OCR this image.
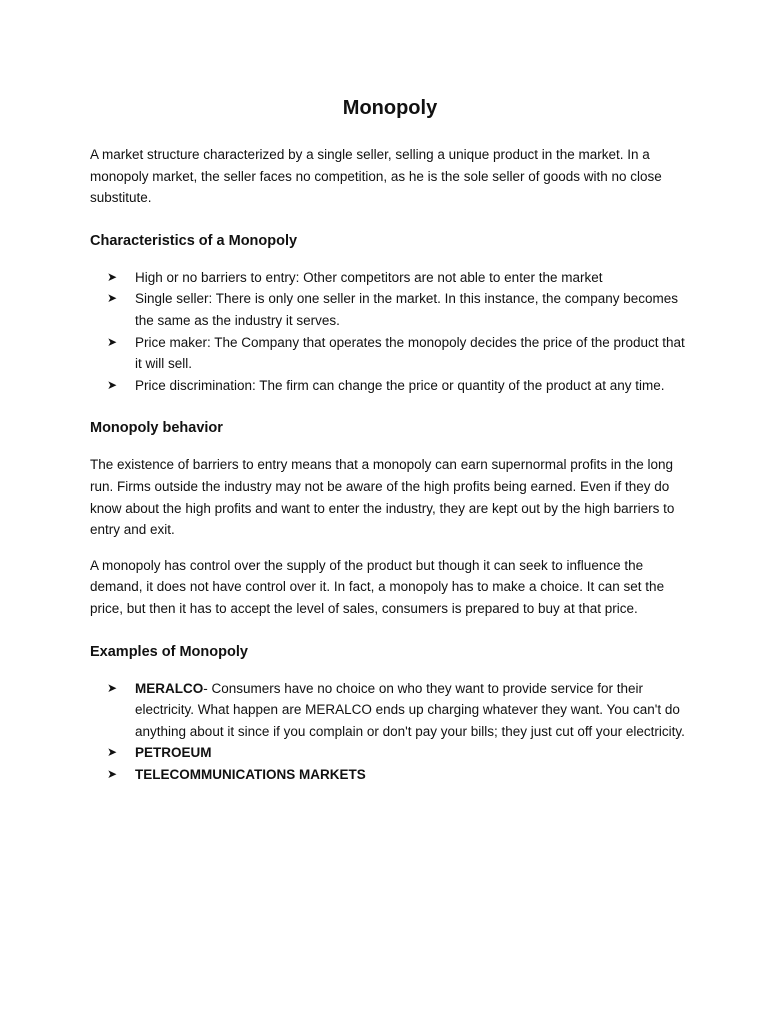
Monopoly

A market structure characterized by a single seller, selling a unique product in the market. In a monopoly market, the seller faces no competition, as he is the sole seller of goods with no close substitute.

Characteristics of a Monopoly
➤ High or no barriers to entry: Other competitors are not able to enter the market
➤ Single seller: There is only one seller in the market. In this instance, the company becomes the same as the industry it serves.
➤ Price maker: The Company that operates the monopoly decides the price of the product that it will sell.
➤ Price discrimination: The firm can change the price or quantity of the product at any time.
Monopoly behavior

The existence of barriers to entry means that a monopoly can earn supernormal profits in the long run. Firms outside the industry may not be aware of the high profits being earned. Even if they do know about the high profits and want to enter the industry, they are kept out by the high barriers to entry and exit.

A monopoly has control over the supply of the product but though it can seek to influence the demand, it does not have control over it. In fact, a monopoly has to make a choice. It can set the price, but then it has to accept the level of sales, consumers is prepared to buy at that price.

Examples of Monopoly
➤ MERALCO- Consumers have no choice on who they want to provide service for their electricity. What happen are MERALCO ends up charging whatever they want. You can't do anything about it since if you complain or don't pay your bills; they just cut off your electricity.
➤ PETROEUM
➤ TELECOMMUNICATIONS MARKETS
